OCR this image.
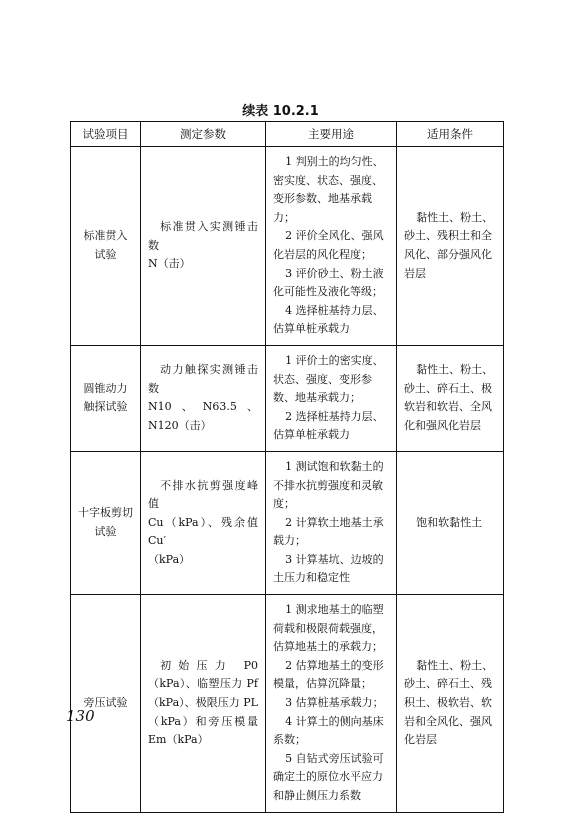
续表 10.2.1
试验项目	测定参数	主要用途	适用条件

标准贯入
试验	标准贯入实测锤击数
N（击）	1 判别土的均匀性、密实度、状态、强度、变形参数、地基承载力；
2 评价全风化、强风化岩层的风化程度；
3 评价砂土、粉土液化可能性及液化等级；
4 选择桩基持力层、估算单桩承载力	黏性土、粉土、砂土、残积土和全风化、部分强风化岩层

圆锥动力
触探试验	动力触探实测锤击数
N10、N63.5、N120（击）	1 评价土的密实度、状态、强度、变形参数、地基承载力；
2 选择桩基持力层、估算单桩承载力	黏性土、粉土、砂土、碎石土、极软岩和软岩、全风化和强风化岩层

十字板剪切
试验	不排水抗剪强度峰值
Cu（kPa）、残余值 Cu′
（kPa）	1 测试饱和软黏土的不排水抗剪强度和灵敏度；
2 计算软土地基土承载力；
3 计算基坑、边坡的土压力和稳定性	饱和软黏性土

旁压试验	初始压力 P0（kPa）、临塑压力 Pf（kPa）、极限压力 PL（kPa）和旁压模量 Em（kPa）	1 测求地基土的临塑荷载和极限荷载强度，估算地基土的承载力；
2 估算地基土的变形模量，估算沉降量；
3 估算桩基承载力；
4 计算土的侧向基床系数；
5 自钻式旁压试验可确定土的原位水平应力和静止侧压力系数	黏性土、粉土、砂土、碎石土、残积土、极软岩、软岩和全风化、强风化岩层
130
